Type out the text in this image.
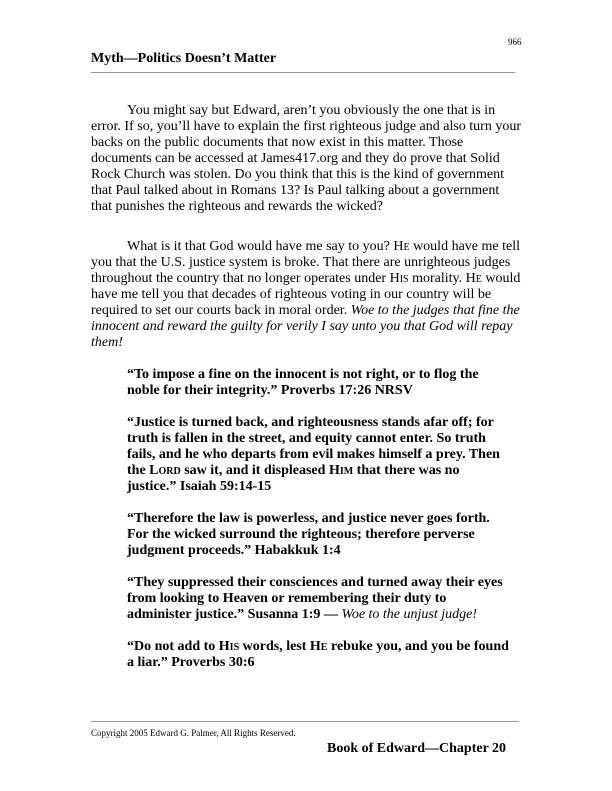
966
Myth—Politics Doesn’t Matter

You might say but Edward, aren’t you obviously the one that is in error. If so, you’ll have to explain the first righteous judge and also turn your backs on the public documents that now exist in this matter. Those documents can be accessed at James417.org and they do prove that Solid Rock Church was stolen. Do you think that this is the kind of government that Paul talked about in Romans 13? Is Paul talking about a government that punishes the righteous and rewards the wicked?

What is it that God would have me say to you? He would have me tell you that the U.S. justice system is broke. That there are unrighteous judges throughout the country that no longer operates under His morality. He would have me tell you that decades of righteous voting in our country will be required to set our courts back in moral order. Woe to the judges that fine the innocent and reward the guilty for verily I say unto you that God will repay them!

“To impose a fine on the innocent is not right, or to flog the noble for their integrity.” Proverbs 17:26 NRSV

“Justice is turned back, and righteousness stands afar off; for truth is fallen in the street, and equity cannot enter. So truth fails, and he who departs from evil makes himself a prey. Then the Lord saw it, and it displeased Him that there was no justice.” Isaiah 59:14-15

“Therefore the law is powerless, and justice never goes forth. For the wicked surround the righteous; therefore perverse judgment proceeds.” Habakkuk 1:4

“They suppressed their consciences and turned away their eyes from looking to Heaven or remembering their duty to administer justice.” Susanna 1:9 — Woe to the unjust judge!

“Do not add to His words, lest He rebuke you, and you be found a liar.” Proverbs 30:6

Copyright 2005 Edward G. Palmer, All Rights Reserved.
Book of Edward—Chapter 20
